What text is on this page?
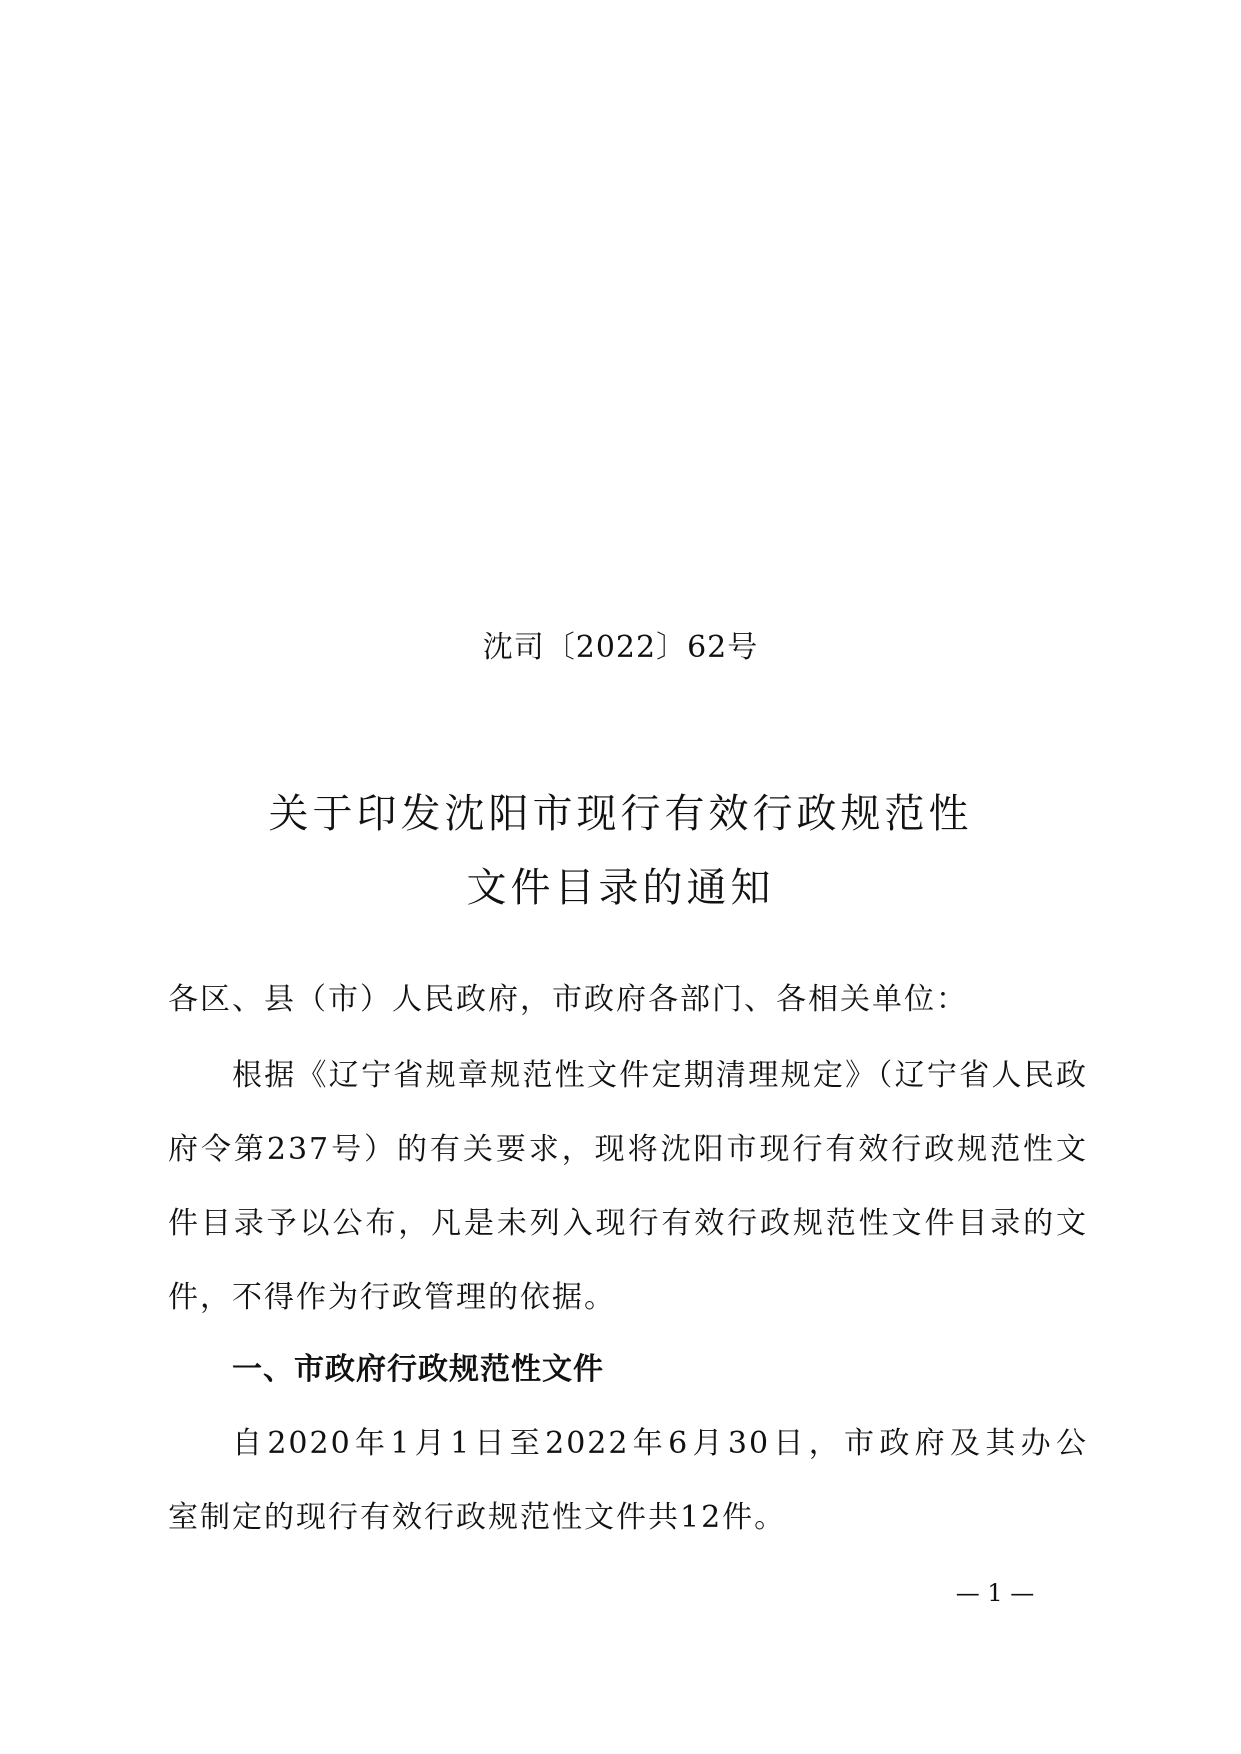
沈司〔2022〕62号
关于印发沈阳市现行有效行政规范性
文件目录的通知
各区、县（市）人民政府，市政府各部门、各相关单位：
根据《辽宁省规章规范性文件定期清理规定》（辽宁省人民政
府令第237号）的有关要求，现将沈阳市现行有效行政规范性文
件目录予以公布，凡是未列入现行有效行政规范性文件目录的文
件，不得作为行政管理的依据。
一、市政府行政规范性文件
自2020年1月1日至2022年6月30日，市政府及其办公
室制定的现行有效行政规范性文件共12件。
— 1 —
